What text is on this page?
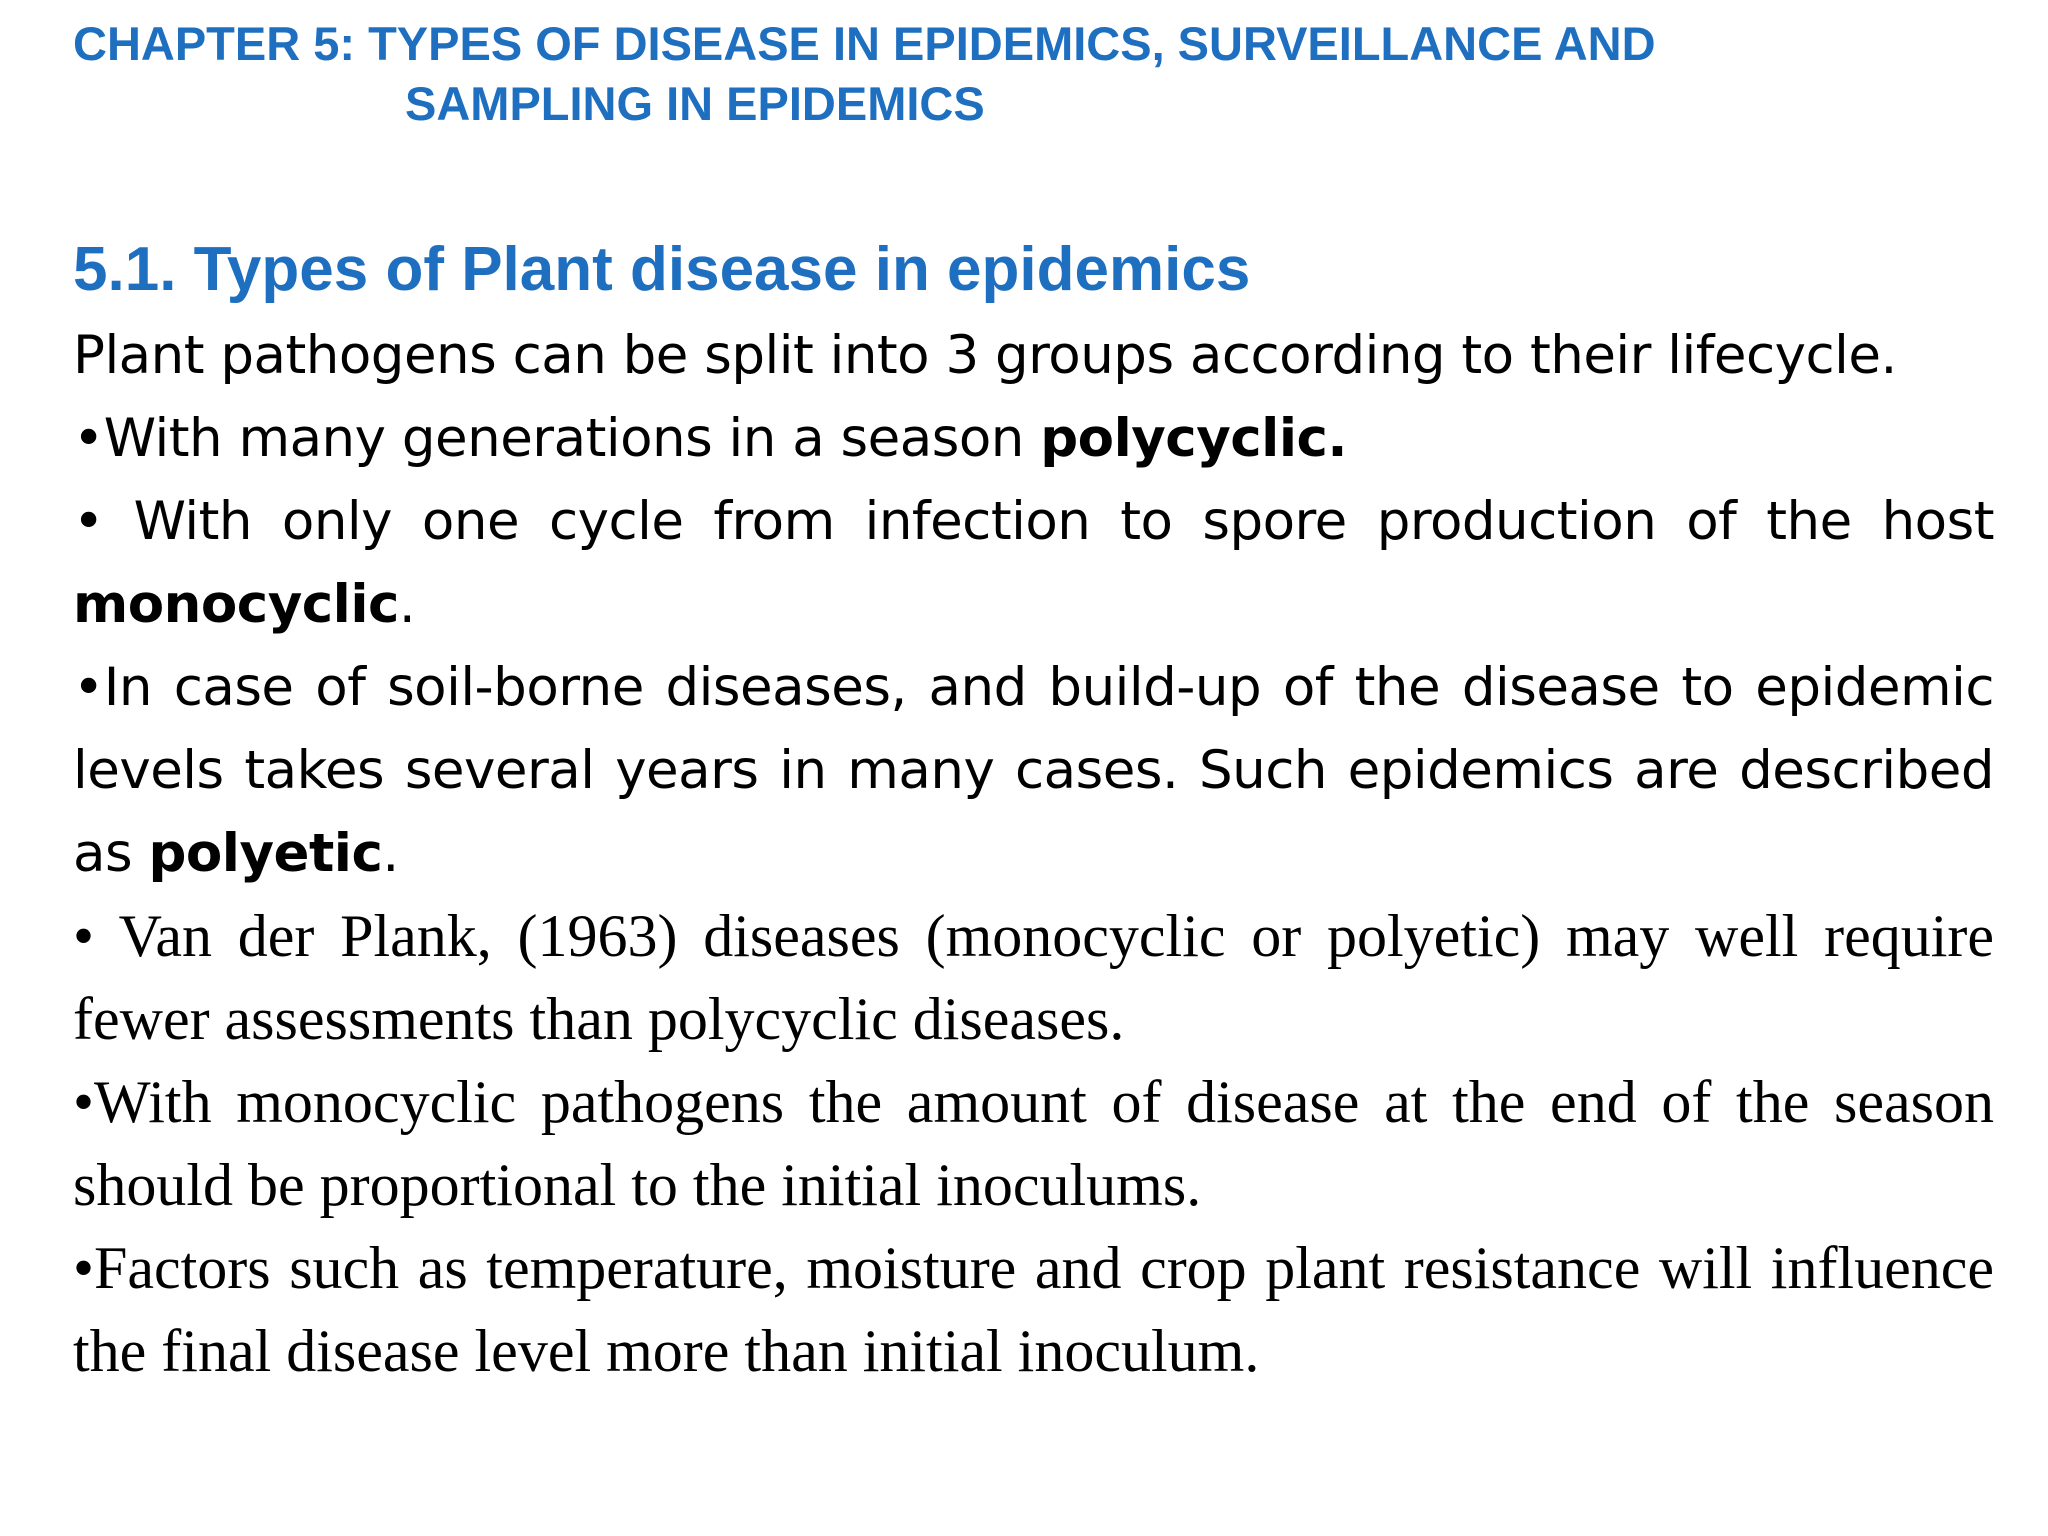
CHAPTER 5: TYPES OF DISEASE IN EPIDEMICS, SURVEILLANCE AND
SAMPLING IN EPIDEMICS
5.1. Types of Plant disease in epidemics

Plant pathogens can be split into 3 groups according to their lifecycle.

•With many generations in a season polycyclic.

• With only one cycle from infection to spore production of the host monocyclic.

•In case of soil-borne diseases, and build-up of the disease to epidemic levels takes several years in many cases. Such epidemics are described as polyetic.

• Van der Plank, (1963) diseases (monocyclic or polyetic) may well require fewer assessments than polycyclic diseases.

•With monocyclic pathogens the amount of disease at the end of the season should be proportional to the initial inoculums.

•Factors such as temperature, moisture and crop plant resistance will influence the final disease level more than initial inoculum.
